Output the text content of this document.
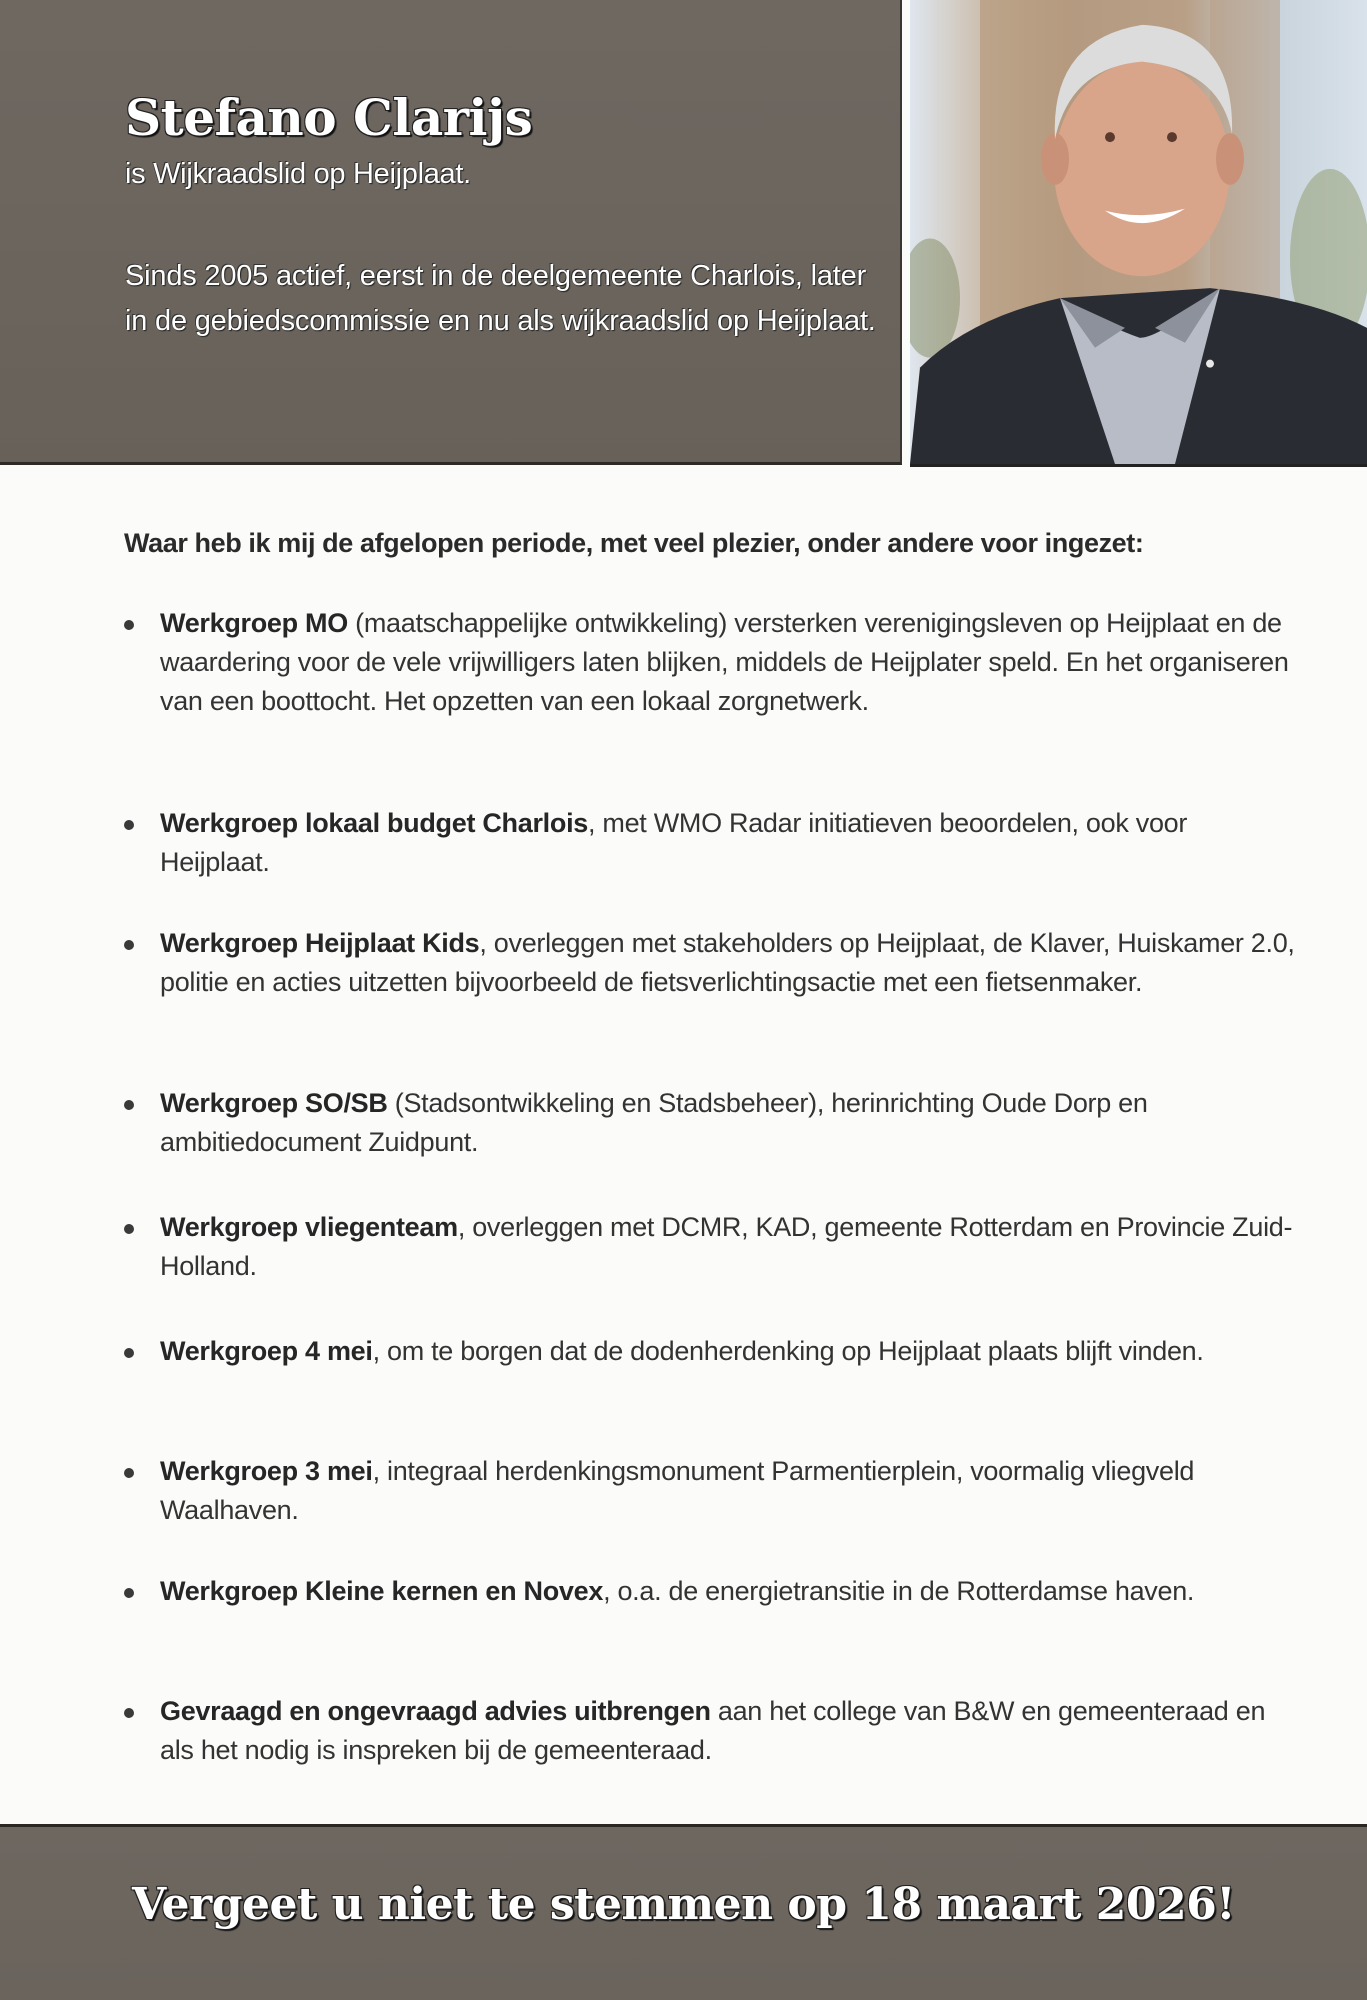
Stefano Clarijs

is Wijkraadslid op Heijplaat.

Sinds 2005 actief, eerst in de deelgemeente Charlois, later in de gebiedscommissie en nu als wijkraadslid op Heijplaat.

Waar heb ik mij de afgelopen periode, met veel plezier, onder andere voor ingezet:
Werkgroep MO (maatschappelijke ontwikkeling) versterken verenigingsleven op Heijplaat en de waardering voor de vele vrijwilligers laten blijken, middels de Heijplater speld. En het organiseren van een boottocht. Het opzetten van een lokaal zorgnetwerk.
Werkgroep lokaal budget Charlois, met WMO Radar initiatieven beoordelen, ook voor Heijplaat.
Werkgroep Heijplaat Kids, overleggen met stakeholders op Heijplaat, de Klaver, Huiskamer 2.0, politie en acties uitzetten bijvoorbeeld de fietsverlichtingsactie met een fietsenmaker.
Werkgroep SO/SB (Stadsontwikkeling en Stadsbeheer), herinrichting Oude Dorp en ambitiedocument Zuidpunt.
Werkgroep vliegenteam, overleggen met DCMR, KAD, gemeente Rotterdam en Provincie Zuid-Holland.
Werkgroep 4 mei, om te borgen dat de dodenherdenking op Heijplaat plaats blijft vinden.
Werkgroep 3 mei, integraal herdenkingsmonument Parmentierplein, voormalig vliegveld Waalhaven.
Werkgroep Kleine kernen en Novex, o.a. de energietransitie in de Rotterdamse haven.
Gevraagd en ongevraagd advies uitbrengen aan het college van B&W en gemeenteraad en als het nodig is inspreken bij de gemeenteraad.

Vergeet u niet te stemmen op 18 maart 2026!
